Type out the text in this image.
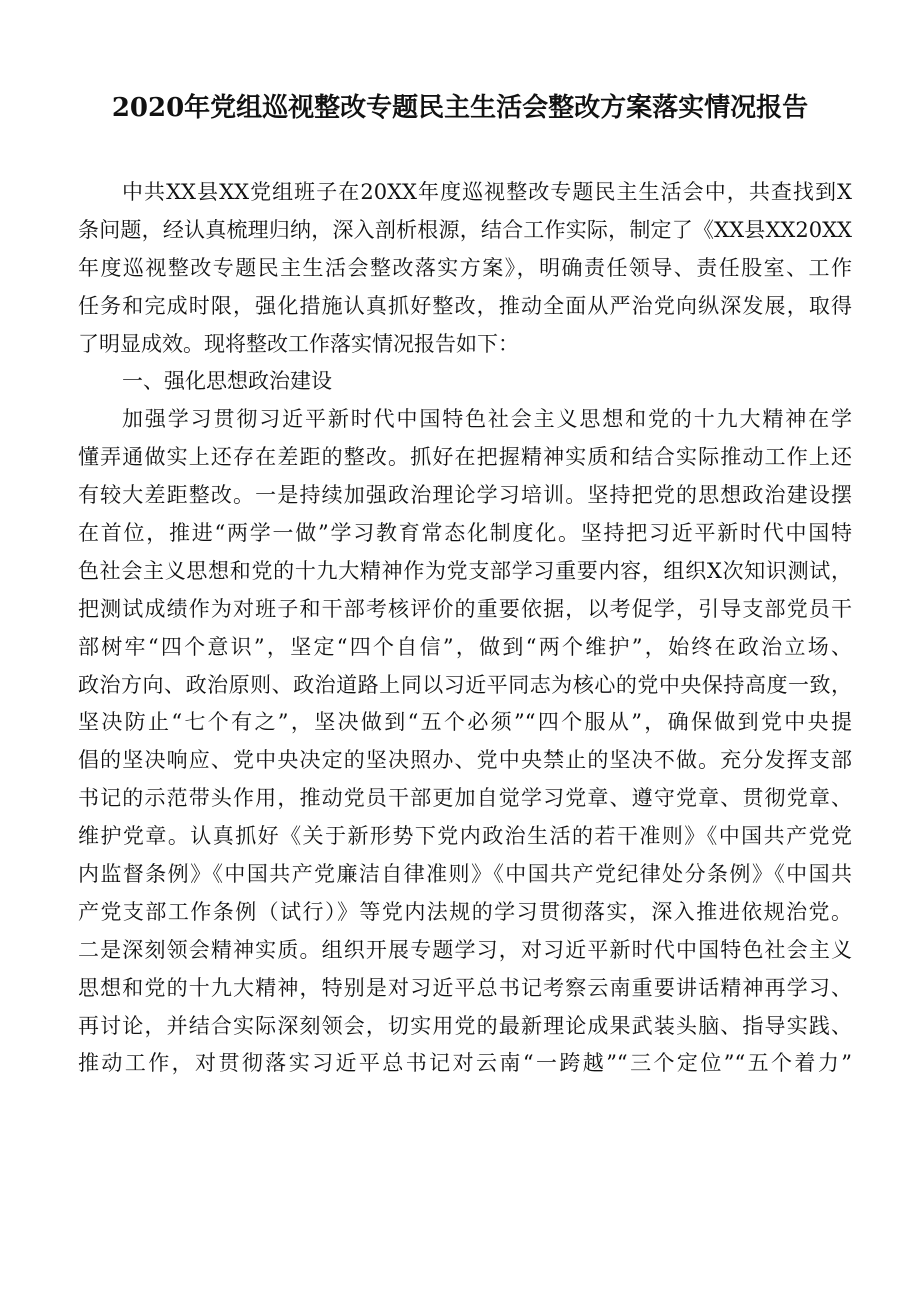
2020年党组巡视整改专题民主生活会整改方案落实情况报告
中共XX县XX党组班子在20XX年度巡视整改专题民主生活会中，共查找到X
条问题，经认真梳理归纳，深入剖析根源，结合工作实际，制定了《XX县XX20XX
年度巡视整改专题民主生活会整改落实方案》，明确责任领导、责任股室、工作
任务和完成时限，强化措施认真抓好整改，推动全面从严治党向纵深发展，取得
了明显成效。现将整改工作落实情况报告如下：
一、强化思想政治建设
加强学习贯彻习近平新时代中国特色社会主义思想和党的十九大精神在学
懂弄通做实上还存在差距的整改。抓好在把握精神实质和结合实际推动工作上还
有较大差距整改。一是持续加强政治理论学习培训。坚持把党的思想政治建设摆
在首位，推进“两学一做”学习教育常态化制度化。坚持把习近平新时代中国特
色社会主义思想和党的十九大精神作为党支部学习重要内容，组织X次知识测试，
把测试成绩作为对班子和干部考核评价的重要依据，以考促学，引导支部党员干
部树牢“四个意识”，坚定“四个自信”，做到“两个维护”，始终在政治立场、
政治方向、政治原则、政治道路上同以习近平同志为核心的党中央保持高度一致，
坚决防止“七个有之”，坚决做到“五个必须”“四个服从”，确保做到党中央提
倡的坚决响应、党中央决定的坚决照办、党中央禁止的坚决不做。充分发挥支部
书记的示范带头作用，推动党员干部更加自觉学习党章、遵守党章、贯彻党章、
维护党章。认真抓好《关于新形势下党内政治生活的若干准则》《中国共产党党
内监督条例》《中国共产党廉洁自律准则》《中国共产党纪律处分条例》《中国共
产党支部工作条例（试行）》等党内法规的学习贯彻落实，深入推进依规治党。
二是深刻领会精神实质。组织开展专题学习，对习近平新时代中国特色社会主义
思想和党的十九大精神，特别是对习近平总书记考察云南重要讲话精神再学习、
再讨论，并结合实际深刻领会，切实用党的最新理论成果武装头脑、指导实践、
推动工作，对贯彻落实习近平总书记对云南“一跨越”“三个定位”“五个着力”
